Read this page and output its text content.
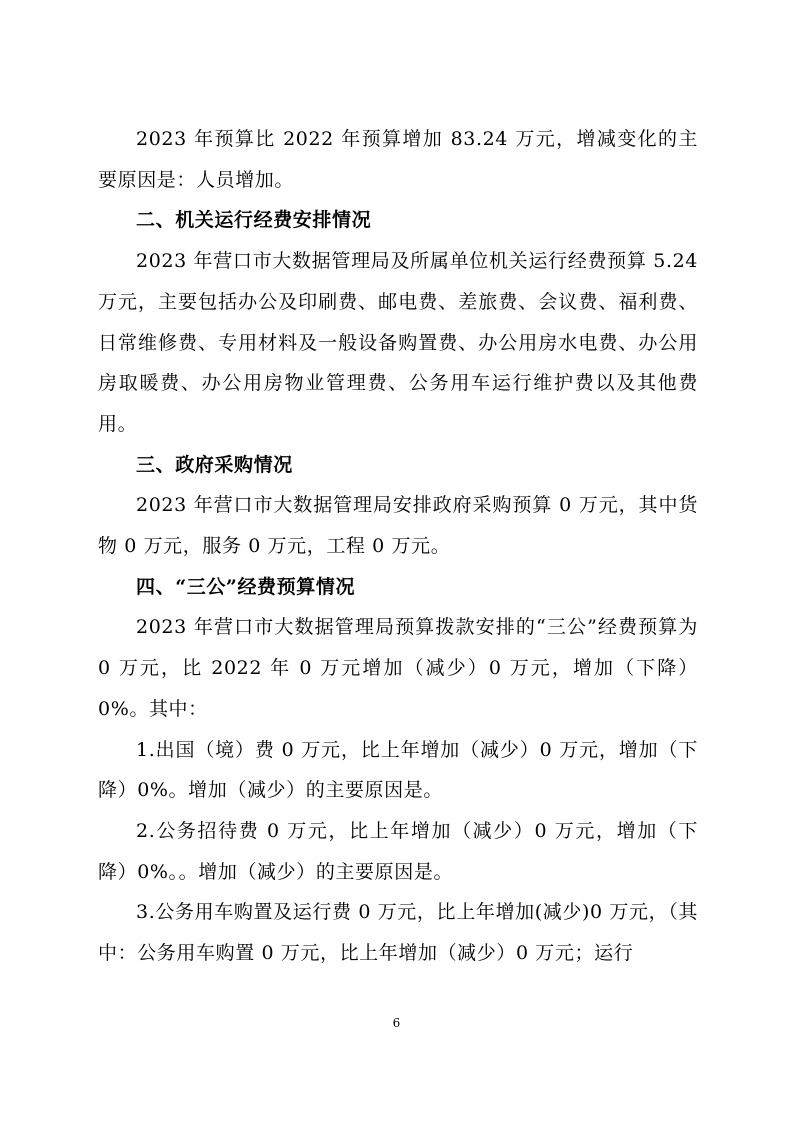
2023 年预算比 2022 年预算增加 83.24 万元，增减变化的主要原因是：人员增加。

二、机关运行经费安排情况

2023 年营口市大数据管理局及所属单位机关运行经费预算 5.24 万元，主要包括办公及印刷费、邮电费、差旅费、会议费、福利费、日常维修费、专用材料及一般设备购置费、办公用房水电费、办公用房取暖费、办公用房物业管理费、公务用车运行维护费以及其他费用。

三、政府采购情况

2023 年营口市大数据管理局安排政府采购预算 0 万元，其中货物 0 万元，服务 0 万元，工程 0 万元。

四、“三公”经费预算情况

2023 年营口市大数据管理局预算拨款安排的“三公”经费预算为 0 万元，比 2022 年 0 万元增加（减少）0 万元，增加（下降）0%。其中：

1.出国（境）费 0 万元，比上年增加（减少）0 万元，增加（下降）0%。增加（减少）的主要原因是。

2.公务招待费 0 万元，比上年增加（减少）0 万元，增加（下降）0%。。增加（减少）的主要原因是。

3.公务用车购置及运行费 0 万元，比上年增加(减少)0 万元，（其中：公务用车购置 0 万元，比上年增加（减少）0 万元；运行

6
